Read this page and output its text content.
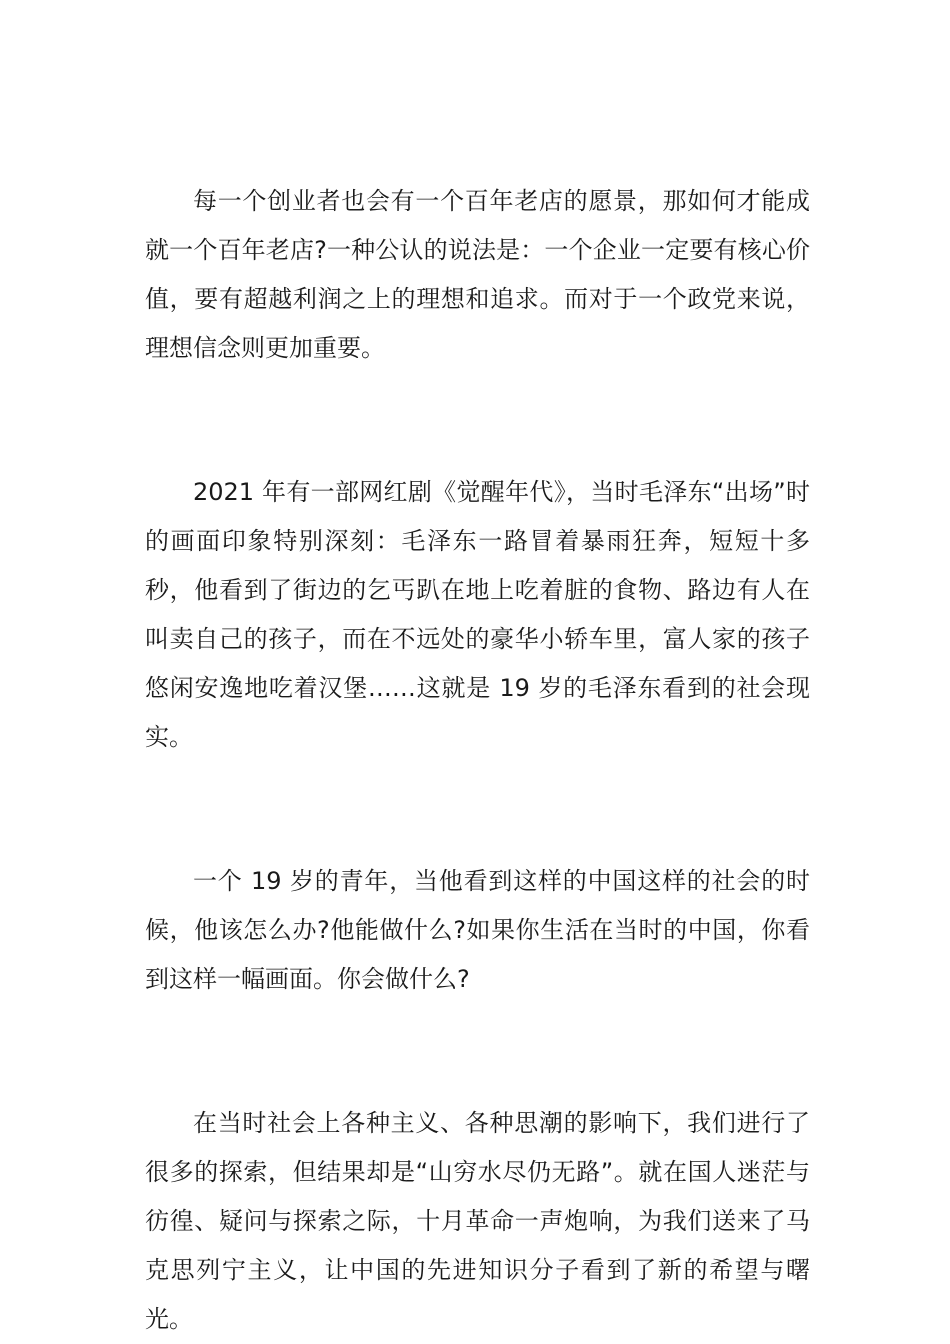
每一个创业者也会有一个百年老店的愿景，那如何才能成就一个百年老店?一种公认的说法是：一个企业一定要有核心价值，要有超越利润之上的理想和追求。而对于一个政党来说，理想信念则更加重要。

2021 年有一部网红剧《觉醒年代》，当时毛泽东“出场”时的画面印象特别深刻：毛泽东一路冒着暴雨狂奔，短短十多秒，他看到了街边的乞丐趴在地上吃着脏的食物、路边有人在叫卖自己的孩子，而在不远处的豪华小轿车里，富人家的孩子悠闲安逸地吃着汉堡……这就是 19 岁的毛泽东看到的社会现实。

一个 19 岁的青年，当他看到这样的中国这样的社会的时候，他该怎么办?他能做什么?如果你生活在当时的中国，你看到这样一幅画面。你会做什么?

在当时社会上各种主义、各种思潮的影响下，我们进行了很多的探索，但结果却是“山穷水尽仍无路”。就在国人迷茫与彷徨、疑问与探索之际，十月革命一声炮响，为我们送来了马克思列宁主义，让中国的先进知识分子看到了新的希望与曙光。
